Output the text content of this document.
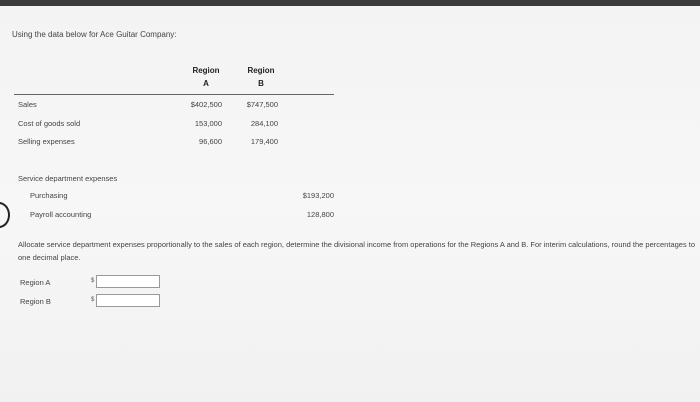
Using the data below for Ace Guitar Company:
Region
A
Region
B
Sales	$402,500	$747,500
Cost of goods sold	153,000	284,100
Selling expenses	96,600	179,400
Service department expenses
Purchasing	$193,200
Payroll accounting	128,800
Allocate service department expenses proportionally to the sales of each region, determine the divisional income from operations for the Regions A and B. For interim calculations, round the percentages to one decimal place.
Region A	$
Region B	$
